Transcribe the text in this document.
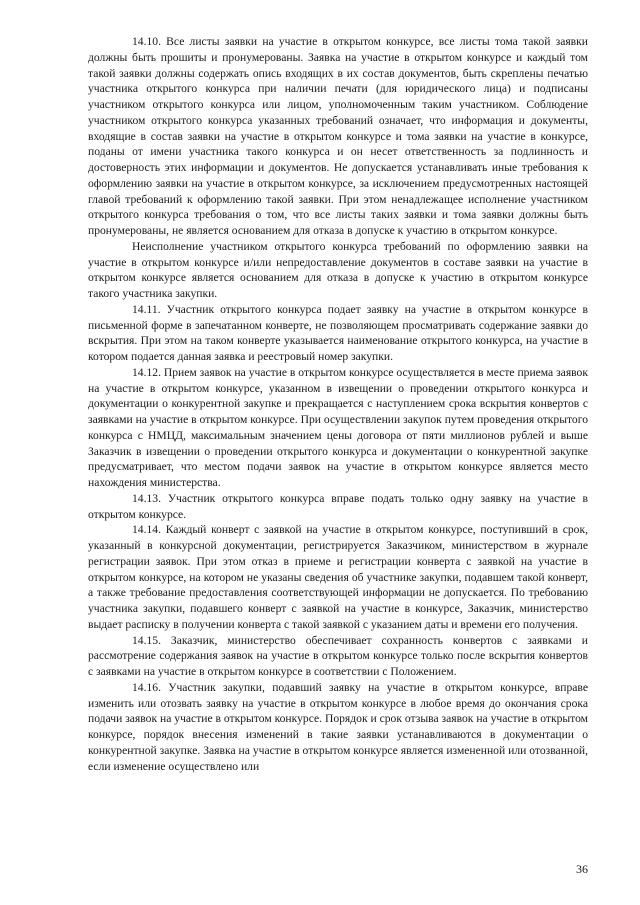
14.10. Все листы заявки на участие в открытом конкурсе, все листы тома такой заявки должны быть прошиты и пронумерованы. Заявка на участие в открытом конкурсе и каждый том такой заявки должны содержать опись входящих в их состав документов, быть скреплены печатью участника открытого конкурса при наличии печати (для юридического лица) и подписаны участником открытого конкурса или лицом, уполномоченным таким участником. Соблюдение участником открытого конкурса указанных требований означает, что информация и документы, входящие в состав заявки на участие в открытом конкурсе и тома заявки на участие в конкурсе, поданы от имени участника такого конкурса и он несет ответственность за подлинность и достоверность этих информации и документов. Не допускается устанавливать иные требования к оформлению заявки на участие в открытом конкурсе, за исключением предусмотренных настоящей главой требований к оформлению такой заявки. При этом ненадлежащее исполнение участником открытого конкурса требования о том, что все листы таких заявки и тома заявки должны быть пронумерованы, не является основанием для отказа в допуске к участию в открытом конкурсе.

Неисполнение участником открытого конкурса требований по оформлению заявки на участие в открытом конкурсе и/или непредоставление документов в составе заявки на участие в открытом конкурсе является основанием для отказа в допуске к участию в открытом конкурсе такого участника закупки.

14.11. Участник открытого конкурса подает заявку на участие в открытом конкурсе в письменной форме в запечатанном конверте, не позволяющем просматривать содержание заявки до вскрытия. При этом на таком конверте указывается наименование открытого конкурса, на участие в котором подается данная заявка и реестровый номер закупки.

14.12. Прием заявок на участие в открытом конкурсе осуществляется в месте приема заявок на участие в открытом конкурсе, указанном в извещении о проведении открытого конкурса и документации о конкурентной закупке и прекращается с наступлением срока вскрытия конвертов с заявками на участие в открытом конкурсе. При осуществлении закупок путем проведения открытого конкурса с НМЦД, максимальным значением цены договора от пяти миллионов рублей и выше Заказчик в извещении о проведении открытого конкурса и документации о конкурентной закупке предусматривает, что местом подачи заявок на участие в открытом конкурсе является место нахождения министерства.

14.13. Участник открытого конкурса вправе подать только одну заявку на участие в открытом конкурсе.

14.14. Каждый конверт с заявкой на участие в открытом конкурсе, поступивший в срок, указанный в конкурсной документации, регистрируется Заказчиком, министерством в журнале регистрации заявок. При этом отказ в приеме и регистрации конверта с заявкой на участие в открытом конкурсе, на котором не указаны сведения об участнике закупки, подавшем такой конверт, а также требование предоставления соответствующей информации не допускается. По требованию участника закупки, подавшего конверт с заявкой на участие в конкурсе, Заказчик, министерство выдает расписку в получении конверта с такой заявкой с указанием даты и времени его получения.

14.15. Заказчик, министерство обеспечивает сохранность конвертов с заявками и рассмотрение содержания заявок на участие в открытом конкурсе только после вскрытия конвертов с заявками на участие в открытом конкурсе в соответствии с Положением.

14.16. Участник закупки, подавший заявку на участие в открытом конкурсе, вправе изменить или отозвать заявку на участие в открытом конкурсе в любое время до окончания срока подачи заявок на участие в открытом конкурсе. Порядок и срок отзыва заявок на участие в открытом конкурсе, порядок внесения изменений в такие заявки устанавливаются в документации о конкурентной закупке. Заявка на участие в открытом конкурсе является измененной или отозванной, если изменение осуществлено или

36
